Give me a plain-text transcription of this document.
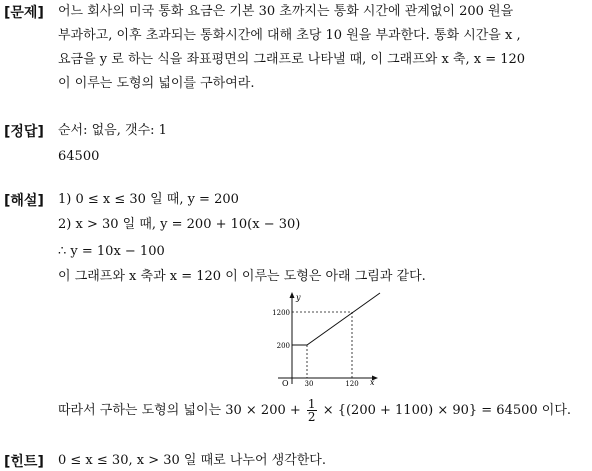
[문제] 어느 회사의 미국 통화 요금은 기본 30 초까지는 통화 시간에 관계없이 200 원을
부과하고, 이후 초과되는 통화시간에 대해 초당 10 원을 부과한다. 통화 시간을 x ,
요금을 y 로 하는 식을 좌표평면의 그래프로 나타낼 때, 이 그래프와 x 축, x = 120
이 이루는 도형의 넓이를 구하여라.
[정답] 순서: 없음, 갯수: 1
64500
[해설] 1) 0 ≤ x ≤ 30 일 때, y = 200
2) x > 30 일 때, y = 200 + 10(x − 30)
∴ y = 10x − 100
이 그래프와 x 축과 x = 120 이 이루는 도형은 아래 그림과 같다.
y
x
O
1200
200
30	120
따라서 구하는 도형의 넓이는 $30 \times 200 + \frac{1}{2} \times \{(200 + 1100) \times 90\} = 64500$ 이다.
[힌트] 0 ≤ x ≤ 30, x > 30 일 때로 나누어 생각한다.
